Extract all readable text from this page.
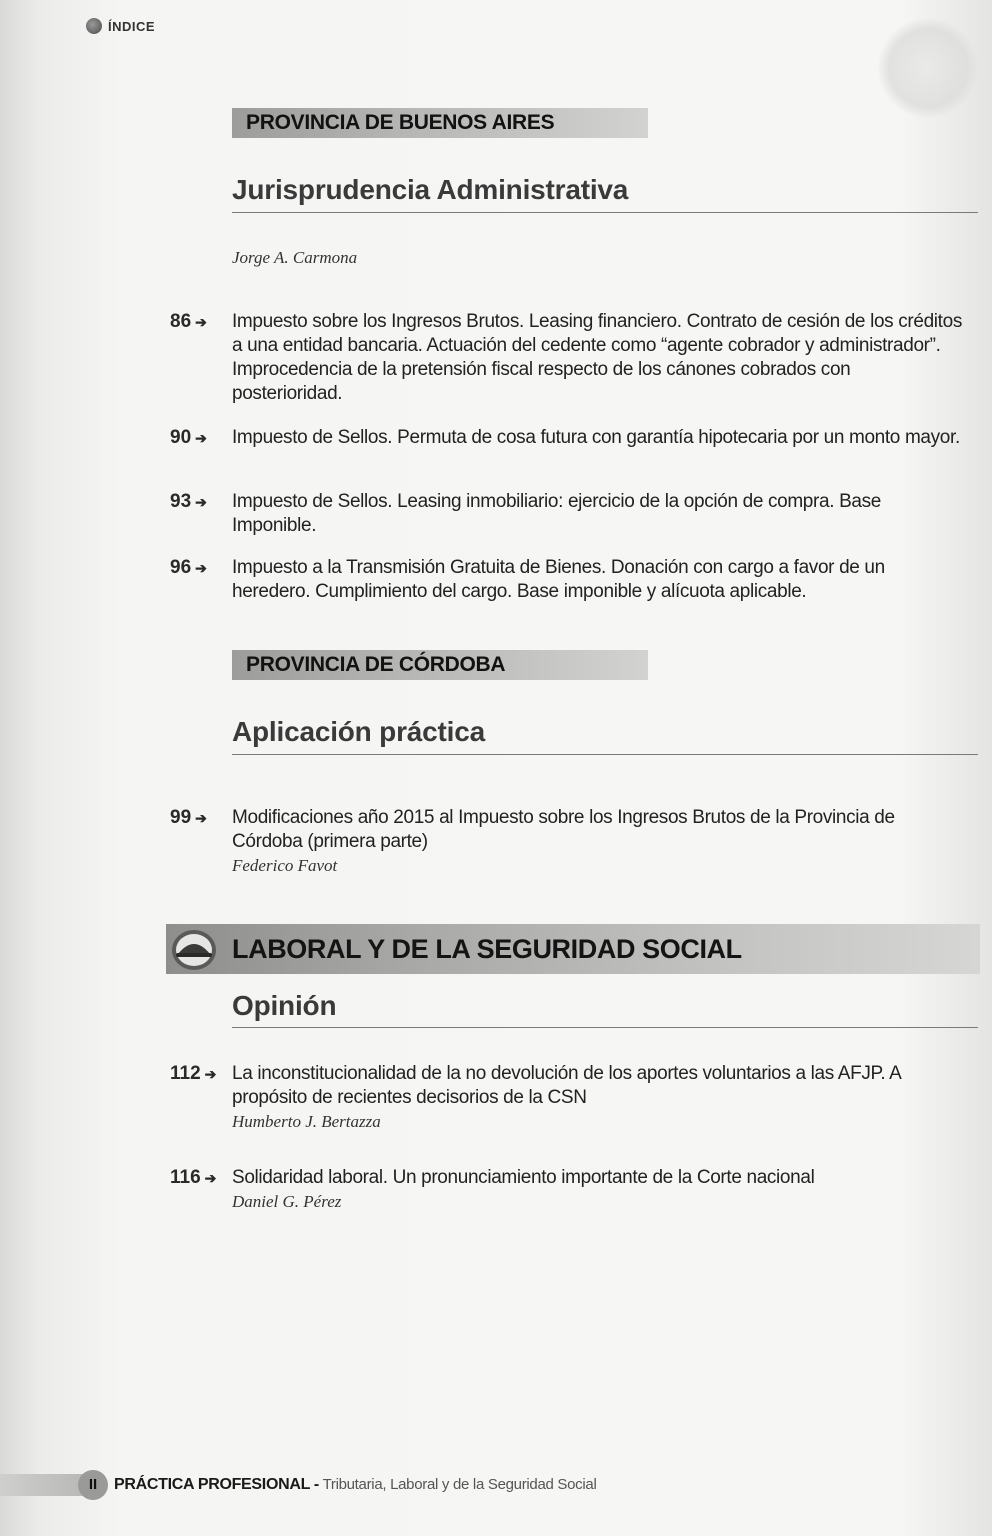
ÍNDICE
PROVINCIA DE BUENOS AIRES
Jurisprudencia Administrativa
Jorge A. Carmona
86 ➔ Impuesto sobre los Ingresos Brutos. Leasing financiero. Contrato de cesión de los créditos a una entidad bancaria. Actuación del cedente como “agente cobrador y administrador”. Improcedencia de la pretensión fiscal respecto de los cánones cobrados con posterioridad.
90 ➔ Impuesto de Sellos. Permuta de cosa futura con garantía hipotecaria por un monto mayor.
93 ➔ Impuesto de Sellos. Leasing inmobiliario: ejercicio de la opción de compra. Base Imponible.
96 ➔ Impuesto a la Transmisión Gratuita de Bienes. Donación con cargo a favor de un heredero. Cumplimiento del cargo. Base imponible y alícuota aplicable.
PROVINCIA DE CÓRDOBA
Aplicación práctica
99 ➔ Modificaciones año 2015 al Impuesto sobre los Ingresos Brutos de la Provincia de Córdoba (primera parte)
Federico Favot
LABORAL Y DE LA SEGURIDAD SOCIAL
Opinión
112 ➔ La inconstitucionalidad de la no devolución de los aportes voluntarios a las AFJP. A propósito de recientes decisorios de la CSN
Humberto J. Bertazza
116 ➔ Solidaridad laboral. Un pronunciamiento importante de la Corte nacional
Daniel G. Pérez
II	PRÁCTICA PROFESIONAL - Tributaria, Laboral y de la Seguridad Social
